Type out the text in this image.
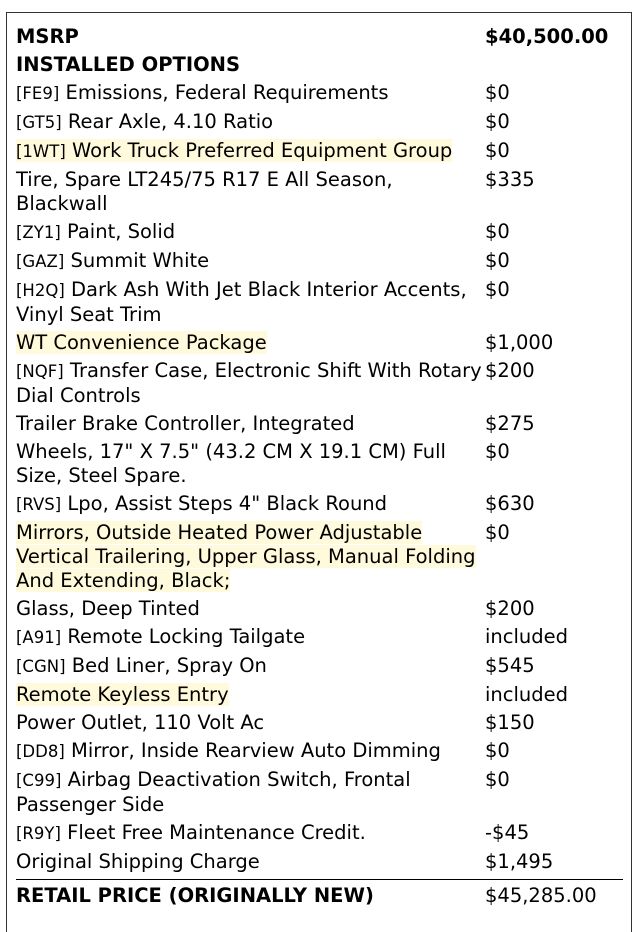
MSRP	$40,500.00
INSTALLED OPTIONS
[FE9] Emissions, Federal Requirements	$0
[GT5] Rear Axle, 4.10 Ratio	$0
[1WT] Work Truck Preferred Equipment Group	$0
Tire, Spare LT245/75 R17 E All Season, Blackwall
$335
[ZY1] Paint, Solid	$0
[GAZ] Summit White	$0
[H2Q] Dark Ash With Jet Black Interior Accents, Vinyl Seat Trim
$0
WT Convenience Package	$1,000
[NQF] Transfer Case, Electronic Shift With Rotary Dial Controls
$200
Trailer Brake Controller, Integrated	$275
Wheels, 17" X 7.5" (43.2 CM X 19.1 CM) Full Size, Steel Spare.
$0
[RVS] Lpo, Assist Steps 4" Black Round	$630
Mirrors, Outside Heated Power Adjustable Vertical Trailering, Upper Glass, Manual Folding And Extending, Black;
$0
Glass, Deep Tinted	$200
[A91] Remote Locking Tailgate	included
[CGN] Bed Liner, Spray On	$545
Remote Keyless Entry	included
Power Outlet, 110 Volt Ac	$150
[DD8] Mirror, Inside Rearview Auto Dimming	$0
[C99] Airbag Deactivation Switch, Frontal Passenger Side
$0
[R9Y] Fleet Free Maintenance Credit.	-$45
Original Shipping Charge	$1,495
RETAIL PRICE (ORIGINALLY NEW)	$45,285.00
